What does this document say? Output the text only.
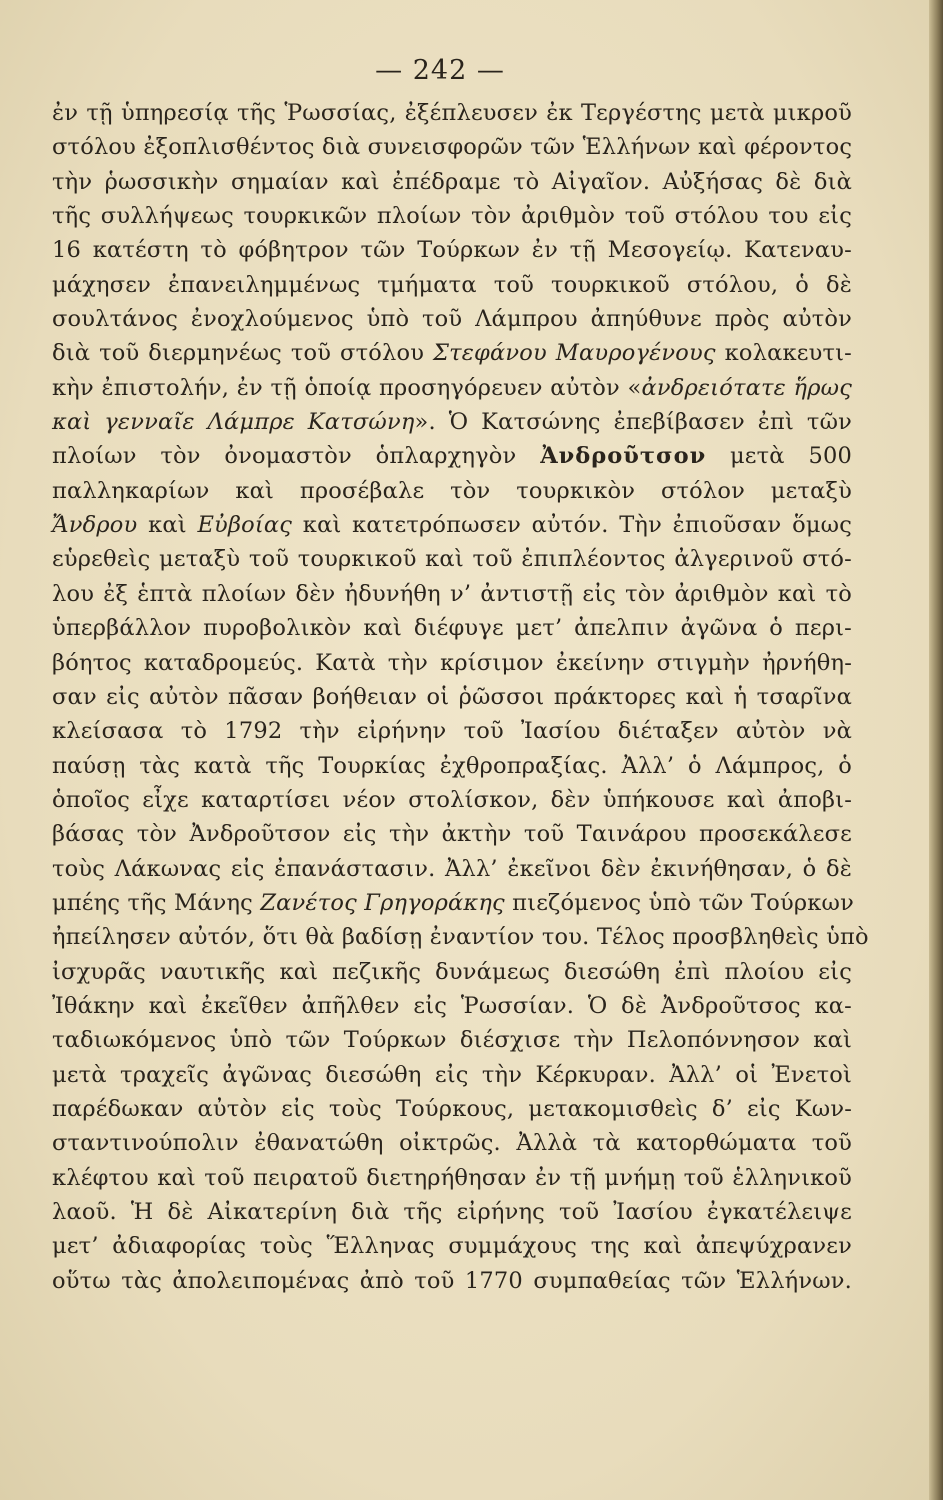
— 242 —
ἐν τῇ ὑπηρεσίᾳ τῆς Ῥωσσίας, ἐξέπλευσεν ἐκ Τεργέστης μετὰ μικροῦ
στόλου ἐξοπλισθέντος διὰ συνεισφορῶν τῶν Ἑλλήνων καὶ φέροντος
τὴν ῥωσσικὴν σημαίαν καὶ ἐπέδραμε τὸ Αἰγαῖον. Αὐξήσας δὲ διὰ
τῆς συλλήψεως τουρκικῶν πλοίων τὸν ἀριθμὸν τοῦ στόλου του εἰς
16 κατέστη τὸ φόβητρον τῶν Τούρκων ἐν τῇ Μεσογείῳ. Κατεναυ-
μάχησεν ἐπανειλημμένως τμήματα τοῦ τουρκικοῦ στόλου, ὁ δὲ
σουλτάνος ἐνοχλούμενος ὑπὸ τοῦ Λάμπρου ἀπηύθυνε πρὸς αὐτὸν
διὰ τοῦ διερμηνέως τοῦ στόλου Στεφάνου Μαυρογένους κολακευτι-
κὴν ἐπιστολήν, ἐν τῇ ὁποίᾳ προσηγόρευεν αὐτὸν «ἀνδρειότατε ἥρως
καὶ γενναῖε Λάμπρε Κατσώνη». Ὁ Κατσώνης ἐπεβίβασεν ἐπὶ τῶν
πλοίων τὸν ὀνομαστὸν ὁπλαρχηγὸν Ἀνδροῦτσον μετὰ 500
παλληκαρίων καὶ προσέβαλε τὸν τουρκικὸν στόλον μεταξὺ
Ἄνδρου καὶ Εὐβοίας καὶ κατετρόπωσεν αὐτόν. Τὴν ἐπιοῦσαν ὅμως
εὑρεθεὶς μεταξὺ τοῦ τουρκικοῦ καὶ τοῦ ἐπιπλέοντος ἀλγερινοῦ στό-
λου ἐξ ἑπτὰ πλοίων δὲν ἠδυνήθη ν’ ἀντιστῇ εἰς τὸν ἀριθμὸν καὶ τὸ
ὑπερβάλλον πυροβολικὸν καὶ διέφυγε μετ’ ἀπελπιν ἀγῶνα ὁ περι-
βόητος καταδρομεύς. Κατὰ τὴν κρίσιμον ἐκείνην στιγμὴν ἠρνήθη-
σαν εἰς αὐτὸν πᾶσαν βοήθειαν οἱ ῥῶσσοι πράκτορες καὶ ἡ τσαρῖνα
κλείσασα τὸ 1792 τὴν εἰρήνην τοῦ Ἰασίου διέταξεν αὐτὸν νὰ
παύσῃ τὰς κατὰ τῆς Τουρκίας ἐχθροπραξίας. Ἀλλ’ ὁ Λάμπρος, ὁ
ὁποῖος εἶχε καταρτίσει νέον στολίσκον, δὲν ὑπήκουσε καὶ ἀποβι-
βάσας τὸν Ἀνδροῦτσον εἰς τὴν ἀκτὴν τοῦ Ταινάρου προσεκάλεσε
τοὺς Λάκωνας εἰς ἐπανάστασιν. Ἀλλ’ ἐκεῖνοι δὲν ἐκινήθησαν, ὁ δὲ
μπέης τῆς Μάνης Ζανέτος Γρηγοράκης πιεζόμενος ὑπὸ τῶν Τούρκων
ἠπείλησεν αὐτόν, ὅτι θὰ βαδίσῃ ἐναντίον του. Τέλος προσβληθεὶς ὑπὸ
ἰσχυρᾶς ναυτικῆς καὶ πεζικῆς δυνάμεως διεσώθη ἐπὶ πλοίου εἰς
Ἰθάκην καὶ ἐκεῖθεν ἀπῆλθεν εἰς Ῥωσσίαν. Ὁ δὲ Ἀνδροῦτσος κα-
ταδιωκόμενος ὑπὸ τῶν Τούρκων διέσχισε τὴν Πελοπόννησον καὶ
μετὰ τραχεῖς ἀγῶνας διεσώθη εἰς τὴν Κέρκυραν. Ἀλλ’ οἱ Ἐνετοὶ
παρέδωκαν αὐτὸν εἰς τοὺς Τούρκους, μετακομισθεὶς δ’ εἰς Κων-
σταντινούπολιν ἐθανατώθη οἰκτρῶς. Ἀλλὰ τὰ κατορθώματα τοῦ
κλέφτου καὶ τοῦ πειρατοῦ διετηρήθησαν ἐν τῇ μνήμῃ τοῦ ἑλληνικοῦ
λαοῦ. Ἡ δὲ Αἰκατερίνη διὰ τῆς εἰρήνης τοῦ Ἰασίου ἐγκατέλειψε
μετ’ ἀδιαφορίας τοὺς Ἕλληνας συμμάχους της καὶ ἀπεψύχρανεν
οὕτω τὰς ἀπολειπομένας ἀπὸ τοῦ 1770 συμπαθείας τῶν Ἑλλήνων.
